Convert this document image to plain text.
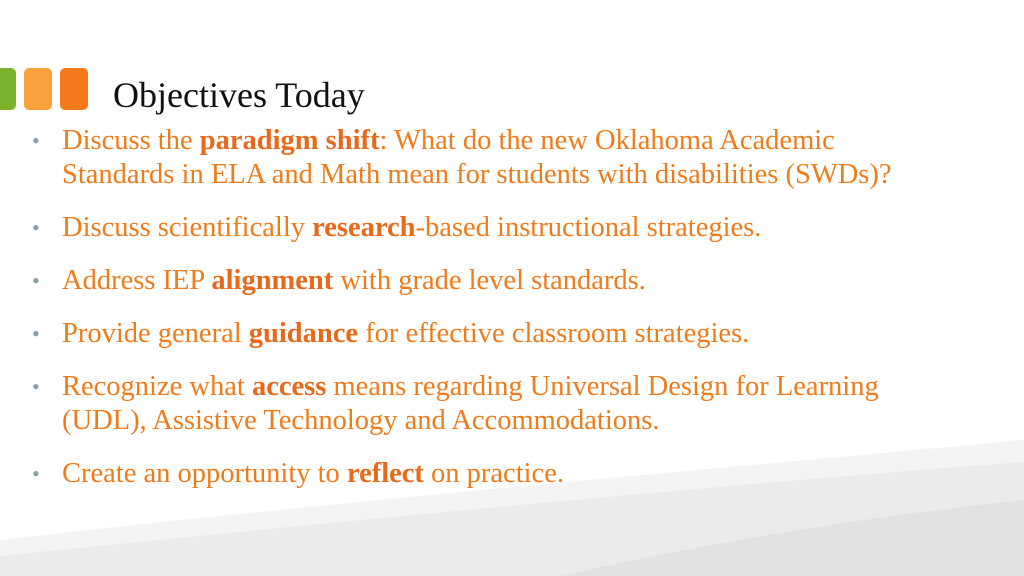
Objectives Today
• Discuss the paradigm shift: What do the new Oklahoma Academic Standards in ELA and Math mean for students with disabilities (SWDs)?
• Discuss scientifically research-based instructional strategies.
• Address IEP alignment with grade level standards.
• Provide general guidance for effective classroom strategies.
• Recognize what access means regarding Universal Design for Learning (UDL), Assistive Technology and Accommodations.
• Create an opportunity to reflect on practice.
